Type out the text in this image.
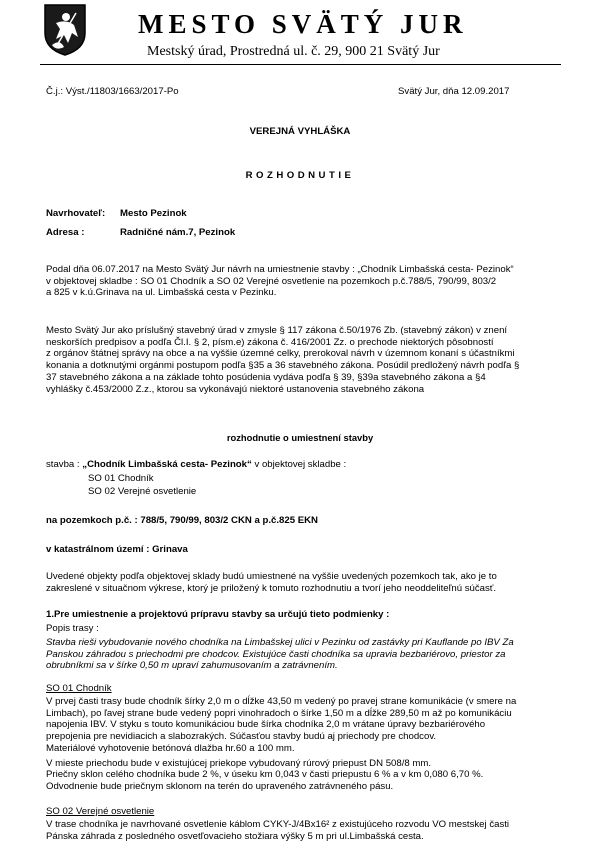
MESTO SVÄTÝ JUR
Mestský úrad, Prostredná ul. č. 29, 900 21 Svätý Jur
Č.j.: Výst./11803/1663/2017-Po	Svätý Jur, dňa 12.09.2017
VEREJNÁ VYHLÁŠKA
ROZHODNUTIE
Navrhovateľ: Mesto Pezinok
Adresa :	Radničné nám.7, Pezinok

Podal dňa 06.07.2017 na Mesto Svätý Jur návrh na umiestnenie stavby : „Chodník Limbašská cesta- Pezinok“

v objektovej skladbe : SO 01 Chodník a SO 02 Verejné osvetlenie na pozemkoch p.č.788/5, 790/99, 803/2

a 825 v k.ú.Grinava na ul. Limbašská cesta v Pezinku.

Mesto Svätý Jur ako príslušný stavebný úrad v zmysle § 117 zákona č.50/1976 Zb. (stavebný zákon) v znení

neskorších predpisov a podľa Čl.I. § 2, písm.e) zákona č. 416/2001 Zz. o prechode niektorých pôsobností

z orgánov štátnej správy na obce a na vyššie územné celky, prerokoval návrh v územnom konaní s účastníkmi

konania a dotknutými orgánmi postupom podľa §35 a 36 stavebného zákona. Posúdil predložený návrh podľa §

37 stavebného zákona a na základe tohto posúdenia vydáva podľa § 39, §39a stavebného zákona a §4

vyhlášky č.453/2000 Z.z., ktorou sa vykonávajú niektoré ustanovenia stavebného zákona

rozhodnutie o umiestnení stavby
stavba : „Chodník Limbašská cesta- Pezinok“ v objektovej skladbe :
SO 01 Chodník
SO 02 Verejné osvetlenie
na pozemkoch p.č. : 788/5, 790/99, 803/2 CKN a p.č.825 EKN
v katastrálnom území : Grinava

Uvedené objekty podľa objektovej sklady budú umiestnené na vyššie uvedených pozemkoch tak, ako je to

zakreslené v situačnom výkrese, ktorý je priložený k tomuto rozhodnutiu a tvorí jeho neoddeliteľnú súčasť.

1.Pre umiestnenie a projektovú prípravu stavby sa určujú tieto podmienky :
Popis trasy :

Stavba rieši vybudovanie nového chodníka na Limbašskej ulici v Pezinku od zastávky pri Kauflande po IBV Za

Panskou záhradou s priechodmi pre chodcov. Existujúce časti chodníka sa upravia bezbariérovo, priestor za

obrubníkmi sa v šírke 0,50 m upraví zahumusovaním a zatrávnením.

SO 01 Chodník

V prvej časti trasy bude chodník šírky 2,0 m o dĺžke 43,50 m vedený po pravej strane komunikácie (v smere na

Limbach), po ľavej strane bude vedený popri vinohradoch o šírke 1,50 m a dĺžke 289,50 m až po komunikáciu

napojenia IBV. V styku s touto komunikáciou bude šírka chodníka 2,0 m vrátane úpravy bezbariérového

prepojenia pre nevidiacich a slabozrakých. Súčasťou stavby budú aj priechody pre chodcov.

Materiálové vyhotovenie betónová dlažba hr.60 a 100 mm.

V mieste priechodu bude v existujúcej priekope vybudovaný rúrový priepust DN 508/8 mm.

Priečny sklon celého chodníka bude 2 %, v úseku km 0,043 v časti priepustu 6 % a v km 0,080 6,70 %.

Odvodnenie bude priečnym sklonom na terén do upraveného zatrávneného pásu.

SO 02 Verejné osvetlenie

V trase chodníka je navrhované osvetlenie káblom CYKY-J/4Bx16² z existujúceho rozvodu VO mestskej časti

Pánska záhrada z posledného osvetľovacieho stožiara výšky 5 m pri ul.Limbašská cesta.
